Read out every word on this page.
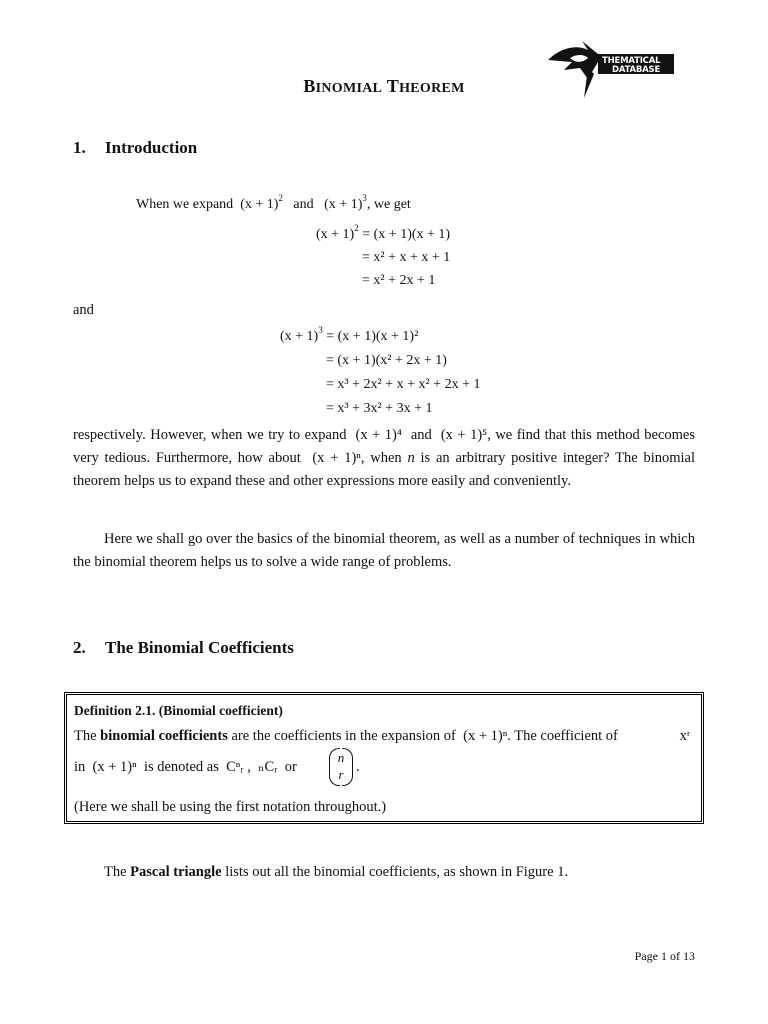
THEMATICAL
DATABASE
BINOMIAL THEOREM
1. Introduction
When we expand $(x + 1)^2$ and $(x + 1)^3$, we get
$(x + 1)^2 = (x + 1)(x + 1)$
= x² + x + x + 1
= x² + 2x + 1
and
$(x + 1)^3 = (x + 1)(x + 1)^2$
= (x + 1)(x² + 2x + 1)
= x³ + 2x² + x + x² + 2x + 1
= x³ + 3x² + 3x + 1
respectively. However, when we try to expand (x + 1)⁴ and (x + 1)⁵, we find that this method becomes very tedious. Furthermore, how about (x + 1)ⁿ, when n is an arbitrary positive integer? The binomial theorem helps us to expand these and other expressions more easily and conveniently.
Here we shall go over the basics of the binomial theorem, as well as a number of techniques in which the binomial theorem helps us to solve a wide range of problems.
2. The Binomial Coefficients
Definition 2.1. (Binomial coefficient)
The binomial coefficients are the coefficients in the expansion of (x + 1)ⁿ. The coefficient of	xʳ
in (x + 1)ⁿ is denoted as Cⁿᵣ , ₙCᵣ or
n
r .
(Here we shall be using the first notation throughout.)
The Pascal triangle lists out all the binomial coefficients, as shown in Figure 1.
Page 1 of 13
